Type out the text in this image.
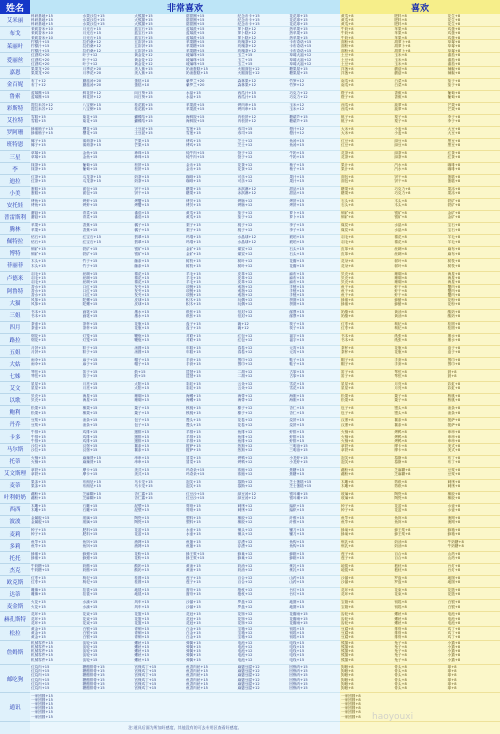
姓名	非常喜欢	喜欢
艾米丽
布戈
茱丽叶
爱丽丝
嘉恩
金百妮
鲁索
彩斯特
艾拉特
罗阿珊
班特恩
三星
李
迪拉
小美
安托娃
普雷斯利
腾林
佩特拉
博特
菲丽菲
卢德米
阿鲁特
大猫
三姐
四月
路拉
五姐
大姑
七姊
艾文
以歌
鲍利
丹乔
卡多
马尔斯
托蒂
艾文斯理
麦蒂
叶利奶奶
西西
波波
麦莉
多莉
托托
杰克
欧克斯
达蒂
麦金斯
赫孔斯特
松拉
詹姆斯
邮吃狗
通讯
科研基地+15
科研基地+15
科研基地+15
水果沙拉+15
水果沙拉+15
水果沙拉+15
大熊猫+15
大熊猫+15
大熊猫+15
甜甜圈+15
甜甜圈+15
甜甜圈+15
纪念币卡+15
纪念币卡+15
纪念币卡+15
花花球+15
花花球+15
花花球+15
茉莉香米+10
茉莉香米+10
茉莉香米+10
月光石+15
月光石+15
月光石+15
蓝宝石+15
蓝宝石+15
蓝宝石+15
蓝莓派+15
蓝莓派+15
蓝莓派+15
萝卜糕+12
萝卜糕+12
萝卜糕+12
热苹果+15
热苹果+15
热苹果+15
柠檬汁+15
柠檬汁+15
柠檬汁+15
拉伯桑+12
拉伯桑+12
拉伯桑+12
五彩饼+15
五彩饼+15
五彩饼+15
苹果糖+15
苹果糖+15
苹果糖+15
玫瑰茶+12
玫瑰茶+12
玫瑰茶+12
卡布奇诺+15
卡布奇诺+15
卡布奇诺+15
红酒鸡+20
红酒鸡+20
红酒鸡+20
叶子+12
叶子+12
叶子+12
黄金花+12
黄金花+12
黄金花+12
琉璃珠+15
琉璃珠+15
琉璃珠+15
玉兰+15
玉兰+15
玉兰+15
草莓大福+12
草莓大福+12
草莓大福+12
果果龙+20
果果龙+20
月季花+20
月季花+20
美人蕉+15
美人蕉+15
奶油蛋糕+15
奶油蛋糕+15
火腿面包+12
火腿面包+12
糖果屋+15
糖果屋+15
布丁+12
布丁+12
蘑菇汤+20
蘑菇汤+20
蛋挞+10
蛋挞+10
紫罗兰+20
紫罗兰+20
森林果+12
森林果+12
竹笋+12
竹笋+12
蓝莓酱+15
蓝莓酱+15
鲜花饼+12
鲜花饼+12
向日葵+15
向日葵+15
水晶+15
水晶+15
西瓜汁+15
西瓜汁+15
巧克力+12
巧克力+12
提拉米苏+12
提拉米苏+12
八宝粥+15
八宝粥+15
桂花糕+15
桂花糕+15
苹果派+15
苹果派+15
烤肉串+15
烤肉串+15
玉米+12
玉米+12
雪糕+15
雪糕+15
菊花+15
菊花+15
蝴蝶结+15
蝴蝶结+15
海鲜饭+15
海鲜饭+15
肉松饼+12
肉松饼+12
糖葫芦+15
糖葫芦+15
蜂蜜柚子+15
蜂蜜柚子+15
樱花+15
樱花+15
土豆泥+15
土豆泥+15
雪莲+15
雪莲+15
寿司+15
寿司+15
橙汁+12
橙汁+12
椰子+15
椰子+15
薄荷茶+15
薄荷茶+15
芒果+15
芒果+15
烤鸡+15
烤鸡+15
芝士+12
芝士+12
鱼汤+15
鱼汤+15
草莓+15
草莓+15
金鱼+15
金鱼+15
珍珠+15
珍珠+15
炖牛肉+15
炖牛肉+15
饺子+12
饺子+12
牛奶+15
牛奶+15
抹茶+15
抹茶+15
葡萄+15
葡萄+15
松饼+15
松饼+15
金币+15
金币+15
花茶+12
花茶+12
柚子+15
柚子+15
红茶+15
红茶+15
乌龙茶+15
乌龙茶+15
奶茶+15
奶茶+15
咖啡+15
咖啡+15
可乐+12
可乐+12
果汁+15
果汁+15
蛋糕+15
蛋糕+15
面包+15
面包+15
饼干+15
饼干+15
糖果+15
糖果+15
冰淇淋+12
冰淇淋+12
甜品+15
甜品+15
烤鱼+15
烤鱼+15
烤虾+15
烤虾+15
烤蟹+15
烤蟹+15
烤贝+15
烤贝+15
烤肠+12
烤肠+12
烤饼+15
烤饼+15
蘑菇+15
蘑菇+15
青菜+15
青菜+15
番茄+15
番茄+15
黄瓜+15
黄瓜+15
茄子+12
茄子+12
萝卜+15
萝卜+15
苹果+15
苹果+15
香蕉+15
香蕉+15
橘子+15
橘子+15
梨子+15
梨子+15
桃子+12
桃子+12
李子+15
李子+15
钻石+15
钻石+15
红宝石+15
红宝石+15
翡翠+15
翡翠+15
玛瑙+15
玛瑙+15
水晶球+12
水晶球+12
琥珀+15
琥珀+15
铜矿+15
铜矿+15
铁矿+15
铁矿+15
银矿+15
银矿+15
金矿+15
金矿+15
煤炭+12
煤炭+12
石头+15
石头+15
木头+15
木头+15
竹子+15
竹子+15
藤条+15
藤条+15
树枝+15
树枝+15
树叶+12
树叶+12
花瓣+15
花瓣+15
羽毛+15
羽毛+15
羽毛+15
丝绸+15
丝绸+15
丝绸+15
棉花+15
棉花+15
棉花+15
羊毛+15
羊毛+15
羊毛+15
皮革+12
皮革+12
皮革+12
麻布+15
麻布+15
麻布+15
香水+15
香水+15
香水+15
口红+15
口红+15
口红+15
发夹+15
发夹+15
发夹+15
项链+15
项链+15
项链+15
戒指+12
戒指+12
戒指+12
手链+15
手链+15
手链+15
风筝+15
风筝+15
陀螺+15
陀螺+15
皮球+15
皮球+15
积木+15
积木+15
玩偶+12
玩偶+12
拼图+15
拼图+15
书本+15
书本+15
画笔+15
画笔+15
墨水+15
墨水+15
纸张+15
纸张+15
信封+12
信封+12
邮票+15
邮票+15
茶壶+15
茶壶+15
茶杯+15
茶杯+15
花瓶+15
花瓶+15
盘子+15
盘子+15
碗+12
碗+12
筷子+15
筷子+15
烟花+15
烟花+15
灯笼+15
灯笼+15
鞭炮+15
鞭炮+15
对联+15
对联+15
红包+12
红包+12
福字+15
福字+15
月饼+15
月饼+15
粽子+15
粽子+15
汤圆+15
汤圆+15
年糕+15
年糕+15
春卷+12
春卷+12
元宵+15
元宵+15
雨伞+15
雨伞+15
扇子+15
扇子+15
帽子+15
帽子+15
手套+15
手套+15
围巾+12
围巾+12
鞋子+15
鞋子+15
琴弦+15
琴弦+15
笛子+15
笛子+15
鼓+15
鼓+15
琵琶+15
琵琶+15
二胡+12
二胡+12
古筝+15
古筝+15
星星+15
星星+15
月亮+15
月亮+15
太阳+15
太阳+15
彩虹+15
彩虹+15
云朵+12
云朵+12
雪花+15
雪花+15
贝壳+15
贝壳+15
海星+15
海星+15
珊瑚+15
珊瑚+15
海螺+15
海螺+15
海带+12
海带+12
海胆+15
海胆+15
松果+15
松果+15
橡果+15
橡果+15
栗子+15
栗子+15
核桃+15
核桃+15
榛子+12
榛子+12
杏仁+15
杏仁+15
豆浆+15
豆浆+15
油条+15
油条+15
包子+15
包子+15
馒头+15
馒头+15
花卷+12
花卷+12
烧饼+15
烧饼+15
牛排+15
牛排+15
牛排+15
鸡排+15
鸡排+15
鸡排+15
猪排+15
猪排+15
猪排+15
羊排+15
羊排+15
羊排+15
鱼排+12
鱼排+12
鱼排+12
虾排+15
虾排+15
虾排+15
沙拉+15
沙拉+15
汉堡+15
汉堡+15
薯条+15
薯条+15
披萨+15
披萨+15
热狗+12
热狗+12
三明治+15
三明治+15
火锅+15
火锅+15
麻辣烫+15
麻辣烫+15
串串+15
串串+15
冒菜+15
冒菜+15
烤鸭+12
烤鸭+12
小龙虾+15
小龙虾+15
拿铁+15
拿铁+15
摩卡+15
摩卡+15
美式+15
美式+15
玛奇朵+15
玛奇朵+15
浓缩+12
浓缩+12
焦糖+15
焦糖+15
果冻+15
果冻+15
布朗尼+15
布朗尼+15
马卡龙+15
马卡龙+15
泡芙+15
泡芙+15
慕斯+12
慕斯+12
芝士蛋糕+15
芝士蛋糕+15
藕粉+15
藕粉+15
芝麻糊+15
芝麻糊+15
杏仁露+15
杏仁露+15
红豆沙+15
红豆沙+15
绿豆汤+12
绿豆汤+12
银耳羹+15
银耳羹+15
木雕+15
木雕+15
石雕+15
石雕+15
泥塑+15
泥塑+15
剪纸+15
剪纸+15
刺绣+12
刺绣+12
编织+15
编织+15
金属板+15
金属板+15
玻璃+15
玻璃+15
陶瓷+15
陶瓷+15
塑料+15
塑料+15
橡胶+12
橡胶+12
纤维+15
纤维+15
种子+15
种子+15
肥料+15
肥料+15
花盆+15
花盆+15
水壶+15
水壶+15
锄头+12
锄头+12
镰刀+15
镰刀+15
鱼竿+15
鱼竿+15
鱼饵+15
鱼饵+15
渔网+15
渔网+15
鱼篓+15
鱼篓+15
浮漂+12
浮漂+12
鱼钩+15
鱼钩+15
蜂蜜+15
蜂蜜+15
蜂蜡+15
蜂蜡+15
花粉+15
花粉+15
蜂王浆+15
蜂王浆+15
蜂巢+12
蜂巢+12
蜂箱+15
蜂箱+15
牛奶糖+15
牛奶糖+15
奶酪+15
奶酪+15
酸奶+15
酸奶+15
黄油+15
黄油+15
奶油+12
奶油+12
炼乳+15
炼乳+15
红枣+15
红枣+15
枸杞+15
枸杞+15
桂圆+15
桂圆+15
莲子+15
莲子+15
百合+12
百合+12
山药+15
山药+15
雕像+15
雕像+15
挂毯+15
挂毯+15
地毯+15
地毯+15
窗帘+15
窗帘+15
抱枕+12
抱枕+12
台灯+15
台灯+15
火花+15
火花+15
水滴+15
水滴+15
风车+15
风车+15
沙漏+15
沙漏+15
罗盘+12
罗盘+12
地图+15
地图+15
花环+15
花环+15
花环+15
花束+15
花束+15
花束+15
花篮+15
花篮+15
花篮+15
花冠+15
花冠+15
花冠+15
花饰+12
花饰+12
花饰+12
花瓣雨+15
花瓣雨+15
花瓣雨+15
黄金+15
黄金+15
黄金+15
白银+15
白银+15
白银+15
青铜+15
青铜+15
青铜+15
白金+15
白金+15
白金+15
宝箱+12
宝箱+12
宝箱+12
钥匙+15
钥匙+15
钥匙+15
机械零件+15
机械零件+15
机械零件+15
机械零件+15
机械零件+15
齿轮+15
齿轮+15
齿轮+15
齿轮+15
齿轮+15
螺丝+15
螺丝+15
螺丝+15
螺丝+15
螺丝+15
弹簧+15
弹簧+15
弹簧+15
弹簧+15
弹簧+15
电池+12
电池+12
电池+12
电池+12
电池+12
电线+15
电线+15
电线+15
电线+15
电线+15
红烧肉+15
红烧肉+15
红烧肉+15
红烧肉+15
红烧肉+15
红烧肉+15
糖醋排骨+15
糖醋排骨+15
糖醋排骨+15
糖醋排骨+15
糖醋排骨+15
糖醋排骨+15
宫保鸡丁+15
宫保鸡丁+15
宫保鸡丁+15
宫保鸡丁+15
宫保鸡丁+15
宫保鸡丁+15
鱼香肉丝+15
鱼香肉丝+15
鱼香肉丝+15
鱼香肉丝+15
鱼香肉丝+15
鱼香肉丝+15
麻婆豆腐+12
麻婆豆腐+12
麻婆豆腐+12
麻婆豆腐+12
麻婆豆腐+12
麻婆豆腐+12
回锅肉+15
回锅肉+15
回锅肉+15
回锅肉+15
回锅肉+15
回锅肉+15
一家团圆+15
一家团圆+15
一家团圆+15
一家团圆+15
一家团圆+15
一家团圆+15
黄瓜+8
黄瓜+8
黄瓜+8
肥料+8
肥料+8
肥料+8
花生+8
花生+8
花生+8
牛奶+8
牛奶+8
牛奶+8
苹果+8
苹果+8
苹果+8
鸡蛋+8
鸡蛋+8
鸡蛋+8
面粉+8
面粉+8
面粉+8
胡萝卜+8
胡萝卜+8
胡萝卜+8
草莓+8
草莓+8
草莓+8
土豆+8
土豆+8
土豆+8
玉米+8
玉米+8
玉米+8
番茄+8
番茄+8
番茄+8
洋葱+8
洋葱+8
蘑菇+8
蘑菇+8
辣椒+8
辣椒+8
南瓜+8
南瓜+8
白菜+8
白菜+8
茄子+8
茄子+8
橙子+8
橙子+8
香蕉+8
香蕉+8
葡萄+8
葡萄+8
西瓜+8
西瓜+8
菠萝+8
菠萝+8
芒果+8
芒果+8
桃子+8
桃子+8
梨子+8
梨子+8
李子+8
李子+8
大米+8
大米+8
小麦+8
小麦+8
大豆+8
大豆+8
红豆+8
红豆+8
绿豆+8
绿豆+8
黑豆+8
黑豆+8
花茶+8
花茶+8
绿茶+8
绿茶+8
红茶+8
红茶+8
果汁+8
果汁+8
汽水+8
汽水+8
咖啡+8
咖啡+8
面包+8
面包+8
饼干+8
饼干+8
蛋糕+8
蛋糕+8
糖果+8
糖果+8
巧克力+8
巧克力+8
果冻+8
果冻+8
石头+8
石头+8
木头+8
木头+8
铁矿+8
铁矿+8
铜矿+8
铜矿+8
银矿+8
银矿+8
金矿+8
金矿+8
煤炭+8
煤炭+8
水晶+8
水晶+8
宝石+8
宝石+8
羽毛+8
羽毛+8
棉花+8
棉花+8
羊毛+8
羊毛+8
皮革+8
皮革+8
丝绸+8
丝绸+8
麻布+8
麻布+8
花朵+8
花朵+8
树叶+8
树叶+8
树枝+8
树枝+8
贝壳+8
贝壳+8
贝壳+8
珊瑚+8
珊瑚+8
珊瑚+8
海星+8
海星+8
海星+8
鱼干+8
鱼干+8
鱼干+8
虾干+8
虾干+8
虾干+8
蟹肉+8
蟹肉+8
蟹肉+8
蜂蜜+8
蜂蜜+8
蜂蜡+8
蜂蜡+8
花粉+8
花粉+8
奶酪+8
奶酪+8
黄油+8
黄油+8
酸奶+8
酸奶+8
红枣+8
红枣+8
枸杞+8
枸杞+8
桂圆+8
桂圆+8
书本+8
书本+8
纸张+8
纸张+8
墨水+8
墨水+8
茶杯+8
茶杯+8
花瓶+8
花瓶+8
盘子+8
盘子+8
帽子+8
帽子+8
手套+8
手套+8
围巾+8
围巾+8
笛子+8
笛子+8
琴弦+8
琴弦+8
鼓+8
鼓+8
星星+8
星星+8
月亮+8
月亮+8
彩虹+8
彩虹+8
松果+8
松果+8
栗子+8
栗子+8
核桃+8
核桃+8
包子+8
包子+8
馒头+8
馒头+8
油条+8
油条+8
汉堡+8
汉堡+8
薯条+8
薯条+8
披萨+8
披萨+8
火锅+8
火锅+8
火锅+8
烤鸭+8
烤鸭+8
烤鸭+8
串串+8
串串+8
串串+8
拿铁+8
拿铁+8
摩卡+8
摩卡+8
美式+8
美式+8
泡芙+8
泡芙+8
慕斯+8
慕斯+8
布丁+8
布丁+8
藕粉+8
藕粉+8
芝麻糊+8
芝麻糊+8
豆浆+8
豆浆+8
木雕+8
木雕+8
剪纸+8
剪纸+8
刺绣+8
刺绣+8
玻璃+8
玻璃+8
陶瓷+8
陶瓷+8
橡胶+8
橡胶+8
种子+8
种子+8
花盆+8
花盆+8
水壶+8
水壶+8
鱼竿+8
鱼竿+8
鱼饵+8
鱼饵+8
渔网+8
渔网+8
蜂巢+8
蜂巢+8
蜂王浆+8
蜂王浆+8
蜂箱+8
蜂箱+8
炼乳+8
炼乳+8
奶油+8
奶油+8
牛奶糖+8
牛奶糖+8
莲子+8
莲子+8
百合+8
百合+8
山药+8
山药+8
地毯+8
地毯+8
抱枕+8
抱枕+8
台灯+8
台灯+8
沙漏+8
沙漏+8
罗盘+8
罗盘+8
地图+8
地图+8
花环+8
花环+8
花束+8
花束+8
花篮+8
花篮+8
宝箱+8
宝箱+8
钥匙+8
钥匙+8
白银+8
白银+8
齿轮+8
齿轮+8
齿轮+8
螺丝+8
螺丝+8
螺丝+8
电池+8
电池+8
电池+8
豆腐+8
豆腐+8
豆腐+8
排骨+8
排骨+8
排骨+8
鸡丁+8
鸡丁+8
鸡丁+8
熊猫+8
熊猫+8
熊猫+8
熊猫+8
熊猫+8
兔子+8
兔子+8
兔子+8
兔子+8
兔子+8
小猫+8
小猫+8
小猫+8
小猫+8
小猫+8
狗粮+8
狗粮+8
狗粮+8
狗粮+8
狗粮+8
狗粮+8
骨头+8
骨头+8
骨头+8
骨头+8
骨头+8
骨头+8
球+8
球+8
球+8
球+8
球+8
球+8
一家团圆+8
一家团圆+8
一家团圆+8
一家团圆+8
一家团圆+8
一家团圆+8
注:道具后面为所加好感度，其他没有的可去专用区查看好感度。
haoyouxi
